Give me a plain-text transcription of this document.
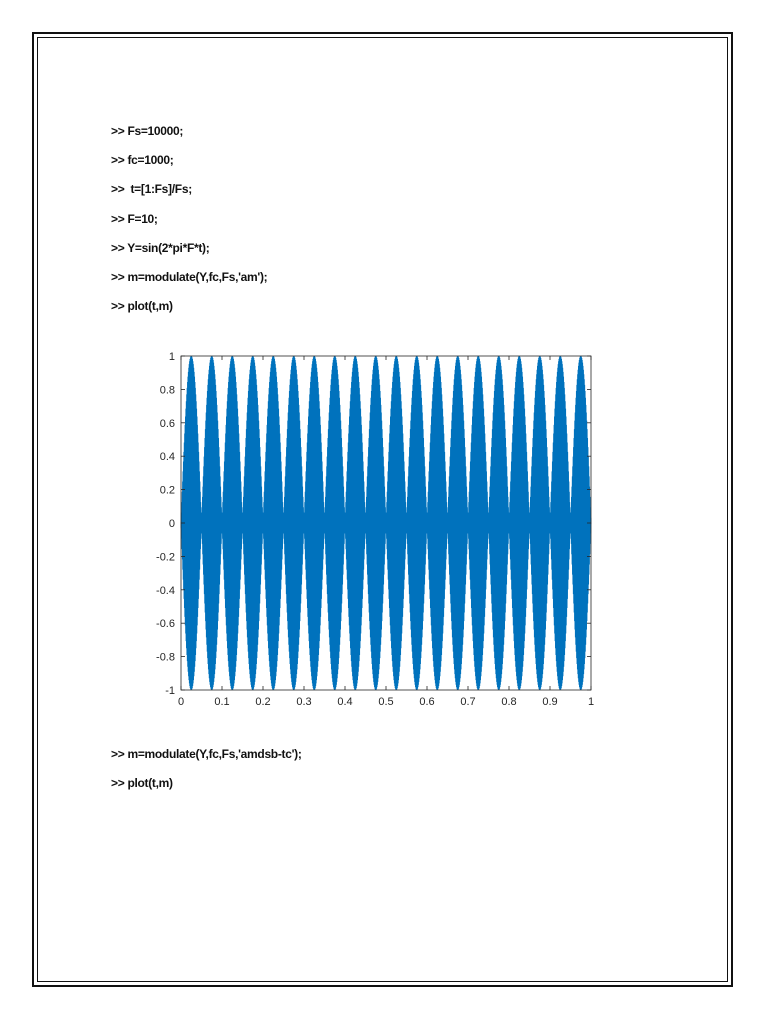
>> Fs=10000;
>> fc=1000;
>>  t=[1:Fs]/Fs;
>> F=10;
>> Y=sin(2*pi*F*t);
>> m=modulate(Y,fc,Fs,'am');
>> plot(t,m)
0	0.1 0.2 0.3 0.4 0.5 0.6 0.7 0.8 0.9	1
1
0.8
0.6
0.4
0.2
0
-0.2
-0.4
-0.6
-0.8
-1
>> m=modulate(Y,fc,Fs,'amdsb-tc');
>> plot(t,m)
